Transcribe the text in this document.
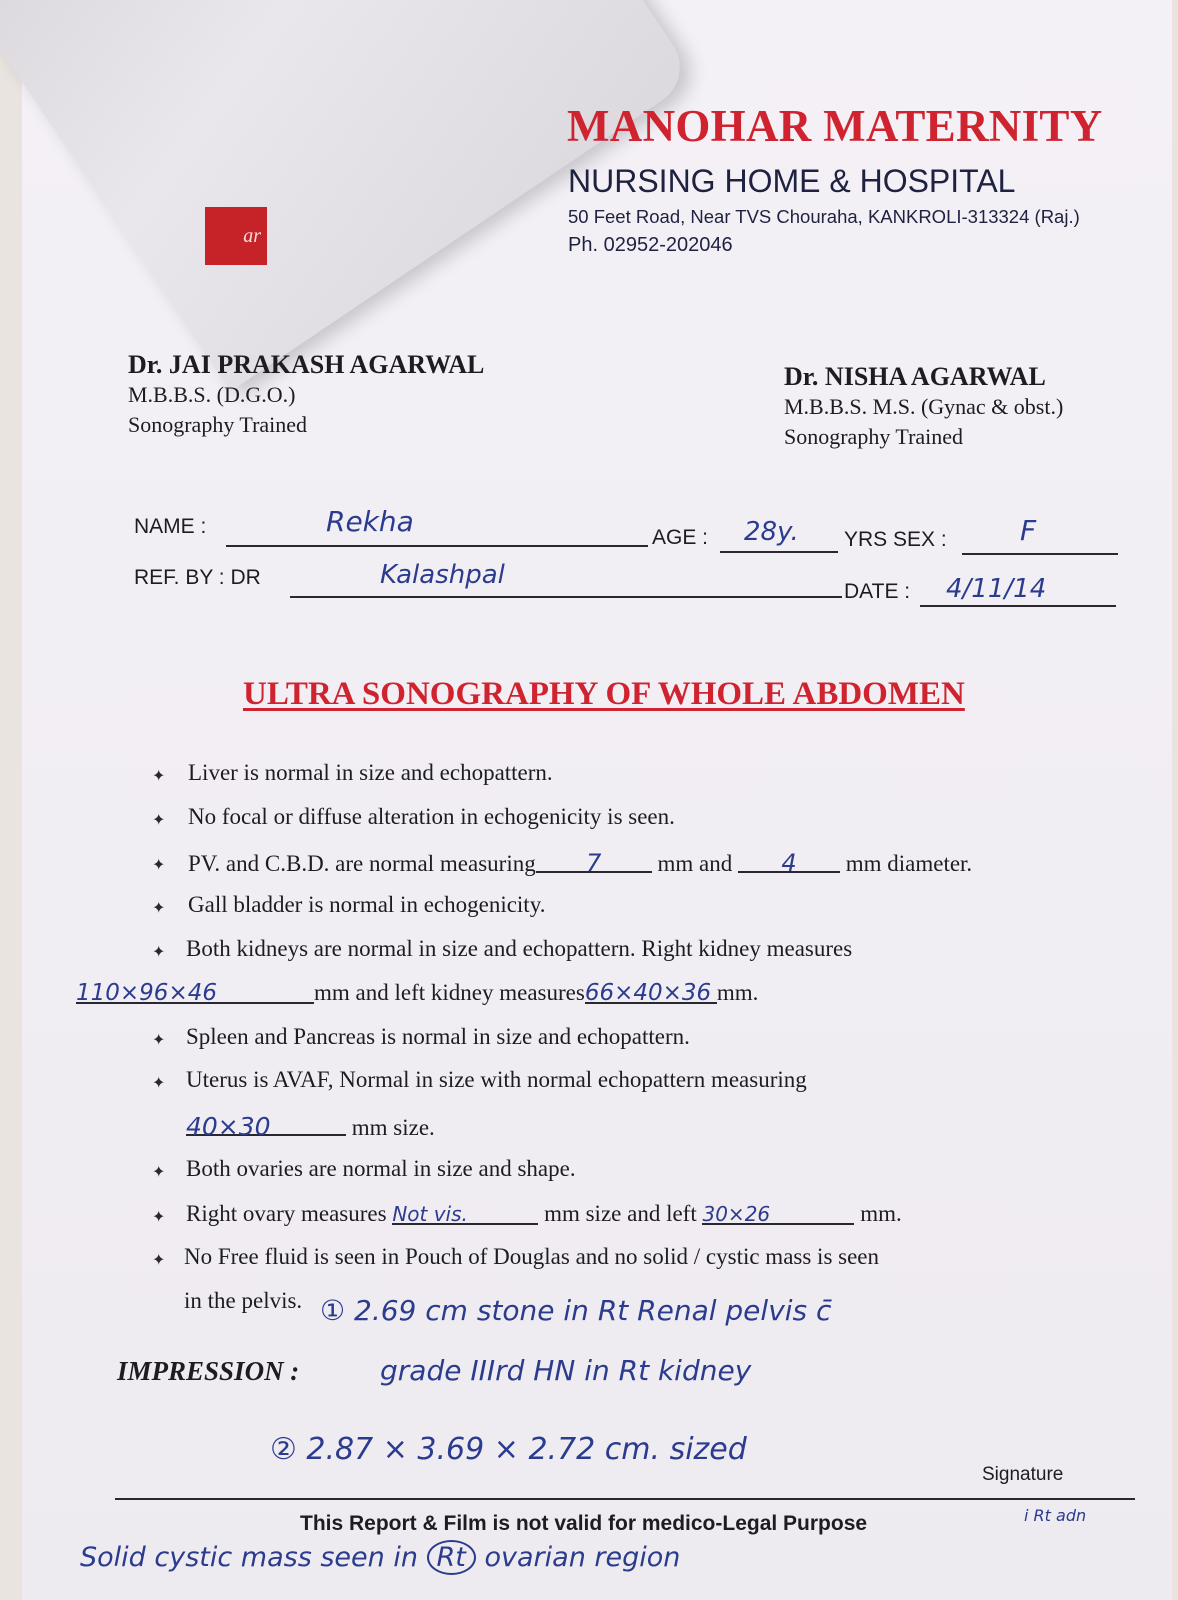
ar
MANOHAR MATERNITY
NURSING HOME & HOSPITAL
50 Feet Road, Near TVS Chouraha, KANKROLI-313324 (Raj.)
Ph. 02952-202046
Dr. JAI PRAKASH AGARWAL
M.B.B.S. (D.G.O.)
Sonography Trained
Dr. NISHA AGARWAL
M.B.B.S. M.S. (Gynac & obst.)
Sonography Trained
NAME :	Rekha	AGE : 28y. YRS SEX :	F
REF. BY : DR	Kalashpal
DATE : 4/11/14
ULTRA SONOGRAPHY OF WHOLE ABDOMEN
✦ Liver is normal in size and echopattern.
✦ No focal or diffuse alteration in echogenicity is seen.
✦ PV. and C.B.D. are normal measuring 7 mm and 4 mm diameter.
✦ Gall bladder is normal in echogenicity.
✦ Both kidneys are normal in size and echopattern. Right kidney measures
110×96×46	mm and left kidney measures66×40×36 mm.
✦ Spleen and Pancreas is normal in size and echopattern.
✦ Uterus is AVAF, Normal in size with normal echopattern measuring
40×30	mm size.
✦ Both ovaries are normal in size and shape.
✦ Right ovary measures Not vis.	mm size and left 30×26	mm.
✦ No Free fluid is seen in Pouch of Douglas and no solid / cystic mass is seen
in the pelvis. ① 2.69 cm stone in Rt Renal pelvis c̄
IMPRESSION :	grade IIIrd HN in Rt kidney
② 2.87 × 3.69 × 2.72 cm. sized
Signature
This Report & Film is not valid for medico-Legal Purpose	i Rt adn
Solid cystic mass seen in Rt ovarian region
